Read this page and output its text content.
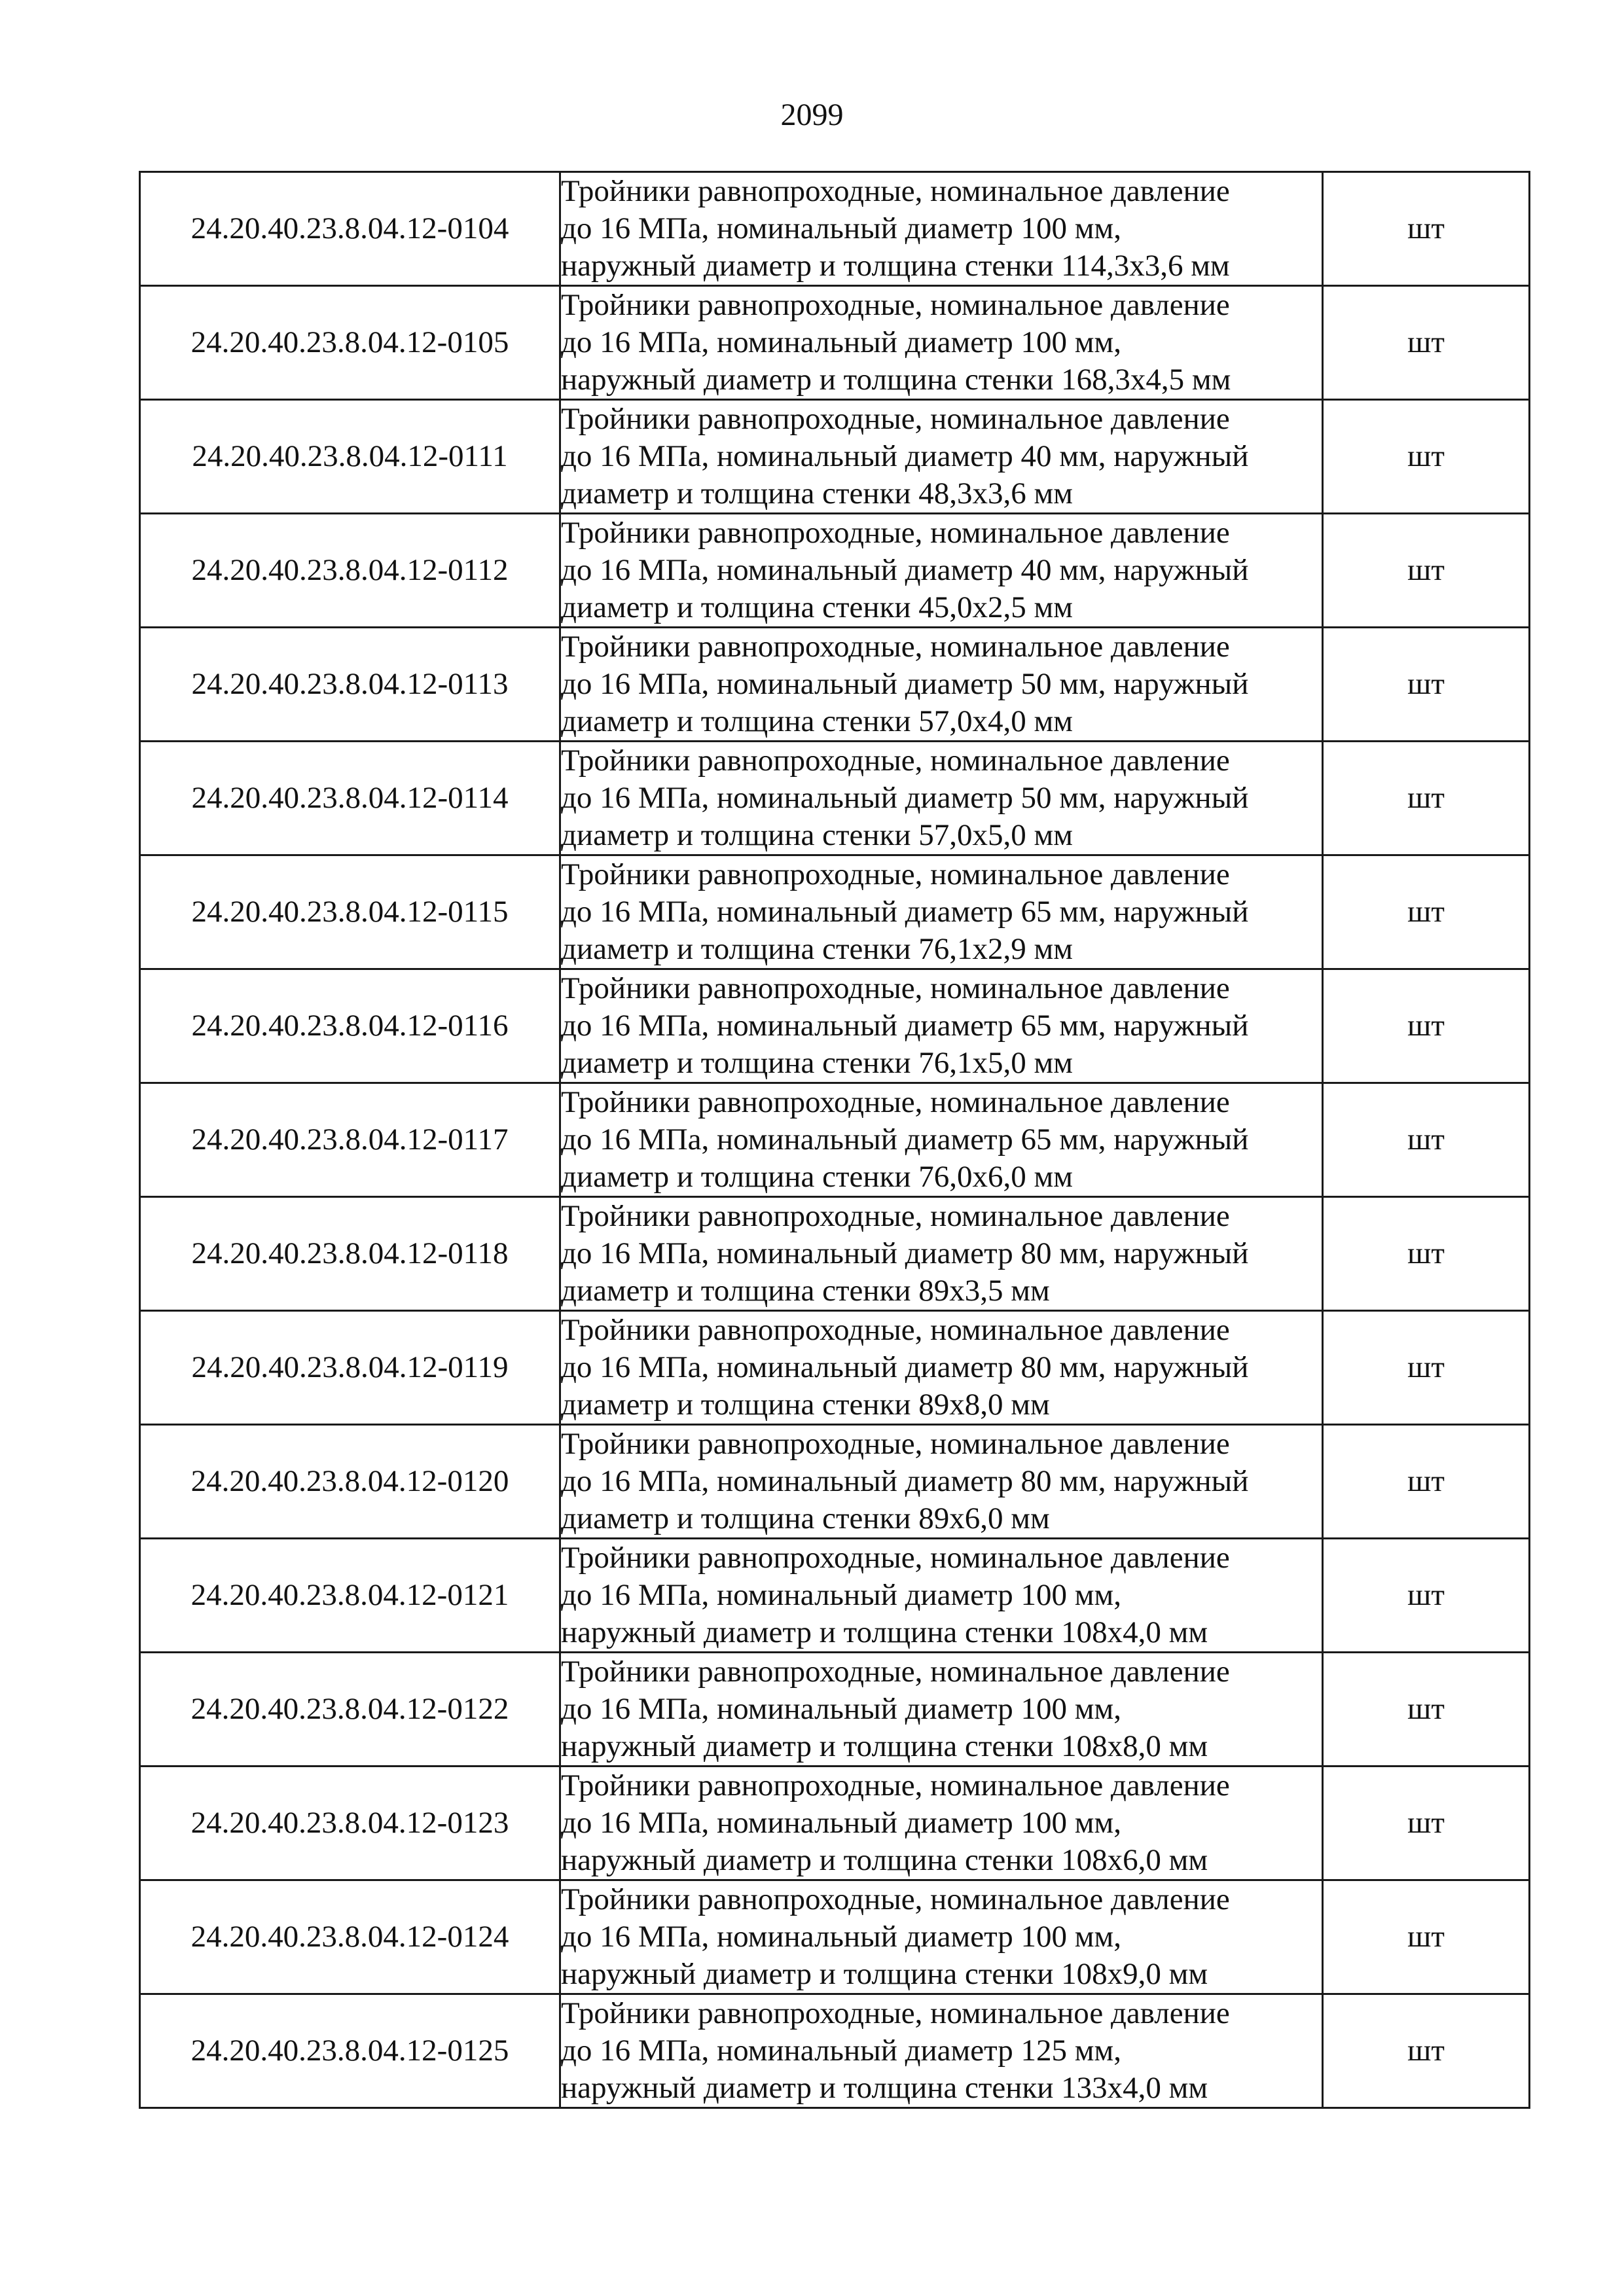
2099
24.20.40.23.8.04.12-0104	Тройники равнопроходные, номинальное давление
до 16 МПа, номинальный диаметр 100 мм,
наружный диаметр и толщина стенки 114,3х3,6 мм	шт
24.20.40.23.8.04.12-0105	Тройники равнопроходные, номинальное давление
до 16 МПа, номинальный диаметр 100 мм,
наружный диаметр и толщина стенки 168,3х4,5 мм	шт
24.20.40.23.8.04.12-0111	Тройники равнопроходные, номинальное давление
до 16 МПа, номинальный диаметр 40 мм, наружный
диаметр и толщина стенки 48,3х3,6 мм	шт
24.20.40.23.8.04.12-0112	Тройники равнопроходные, номинальное давление
до 16 МПа, номинальный диаметр 40 мм, наружный
диаметр и толщина стенки 45,0х2,5 мм	шт
24.20.40.23.8.04.12-0113	Тройники равнопроходные, номинальное давление
до 16 МПа, номинальный диаметр 50 мм, наружный
диаметр и толщина стенки 57,0х4,0 мм	шт
24.20.40.23.8.04.12-0114	Тройники равнопроходные, номинальное давление
до 16 МПа, номинальный диаметр 50 мм, наружный
диаметр и толщина стенки 57,0х5,0 мм	шт
24.20.40.23.8.04.12-0115	Тройники равнопроходные, номинальное давление
до 16 МПа, номинальный диаметр 65 мм, наружный
диаметр и толщина стенки 76,1х2,9 мм	шт
24.20.40.23.8.04.12-0116	Тройники равнопроходные, номинальное давление
до 16 МПа, номинальный диаметр 65 мм, наружный
диаметр и толщина стенки 76,1х5,0 мм	шт
24.20.40.23.8.04.12-0117	Тройники равнопроходные, номинальное давление
до 16 МПа, номинальный диаметр 65 мм, наружный
диаметр и толщина стенки 76,0х6,0 мм	шт
24.20.40.23.8.04.12-0118	Тройники равнопроходные, номинальное давление
до 16 МПа, номинальный диаметр 80 мм, наружный
диаметр и толщина стенки 89х3,5 мм	шт
24.20.40.23.8.04.12-0119	Тройники равнопроходные, номинальное давление
до 16 МПа, номинальный диаметр 80 мм, наружный
диаметр и толщина стенки 89х8,0 мм	шт
24.20.40.23.8.04.12-0120	Тройники равнопроходные, номинальное давление
до 16 МПа, номинальный диаметр 80 мм, наружный
диаметр и толщина стенки 89х6,0 мм	шт
24.20.40.23.8.04.12-0121	Тройники равнопроходные, номинальное давление
до 16 МПа, номинальный диаметр 100 мм,
наружный диаметр и толщина стенки 108х4,0 мм	шт
24.20.40.23.8.04.12-0122	Тройники равнопроходные, номинальное давление
до 16 МПа, номинальный диаметр 100 мм,
наружный диаметр и толщина стенки 108х8,0 мм	шт
24.20.40.23.8.04.12-0123	Тройники равнопроходные, номинальное давление
до 16 МПа, номинальный диаметр 100 мм,
наружный диаметр и толщина стенки 108х6,0 мм	шт
24.20.40.23.8.04.12-0124	Тройники равнопроходные, номинальное давление
до 16 МПа, номинальный диаметр 100 мм,
наружный диаметр и толщина стенки 108х9,0 мм	шт
24.20.40.23.8.04.12-0125	Тройники равнопроходные, номинальное давление
до 16 МПа, номинальный диаметр 125 мм,
наружный диаметр и толщина стенки 133х4,0 мм	шт
